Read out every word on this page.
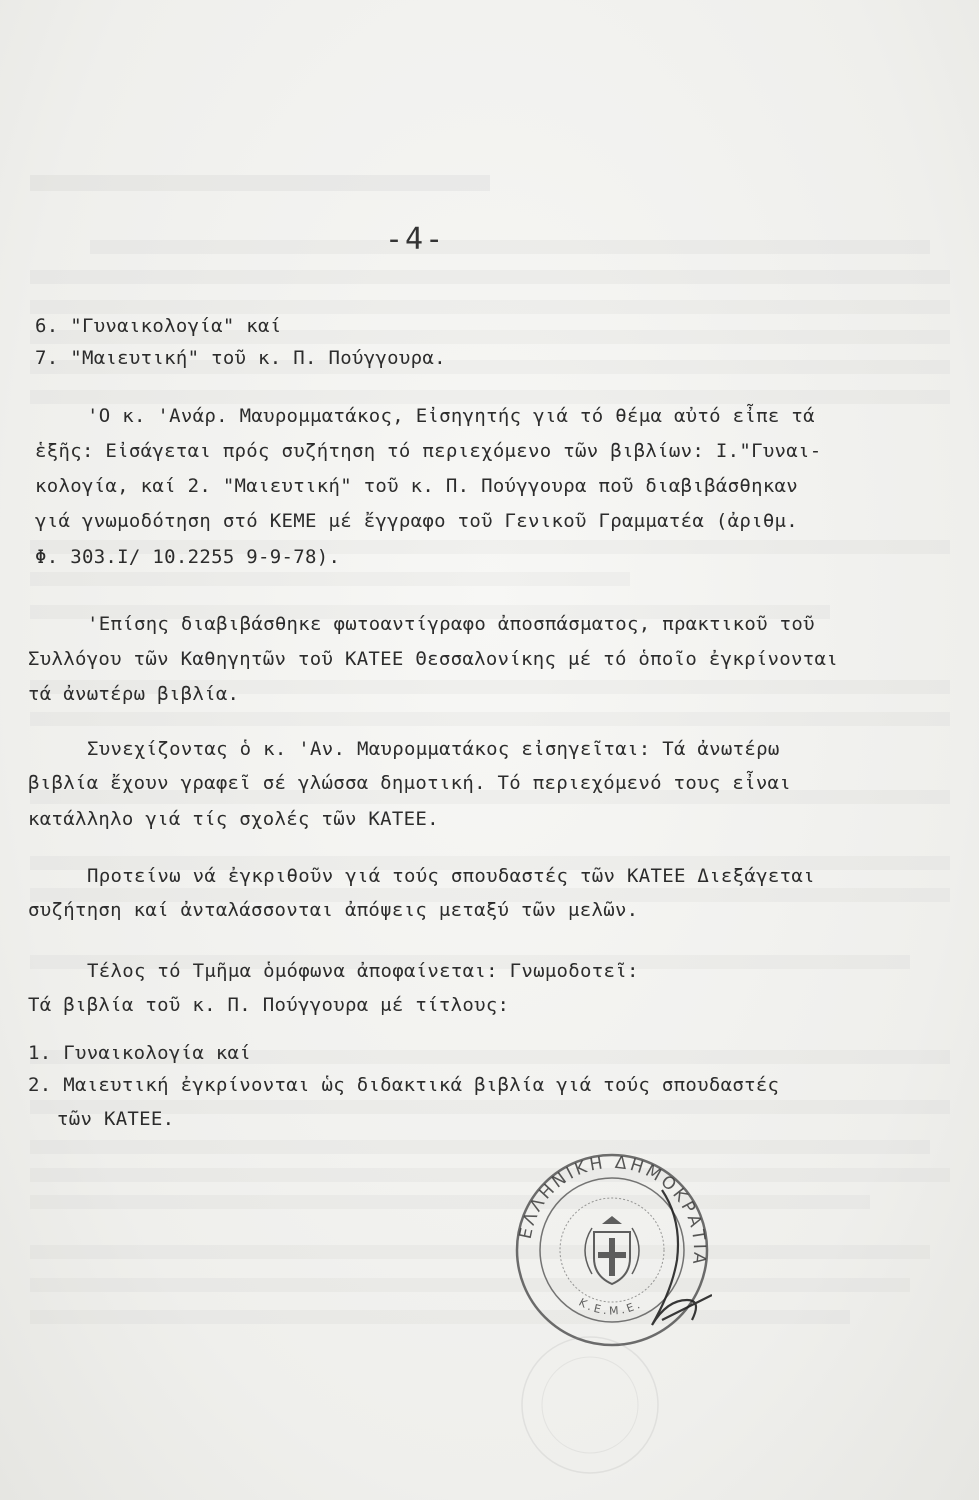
-4-
6. "Γυναικολογία" καί
7. "Μαιευτική" τοῦ κ. Π. Πούγγουρα.
'Ο κ. 'Ανάρ. Μαυρομματάκος, Εἰσηγητής γιά τό θέμα αὐτό εἶπε τά
ἑξῆς: Εἰσάγεται πρός συζήτηση τό περιεχόμενο τῶν βιβλίων: Ι."Γυναι-
κολογία, καί 2. "Μαιευτική" τοῦ κ. Π. Πούγγουρα ποῦ διαβιβάσθηκαν
γιά γνωμοδότηση στό ΚΕΜΕ μέ ἔγγραφο τοῦ Γενικοῦ Γραμματέα (ἀριθμ.
Φ. 303.Ι/ 10.2255 9-9-78).
'Επίσης διαβιβάσθηκε φωτοαντίγραφο ἀποσπάσματος, πρακτικοῦ τοῦ
Συλλόγου τῶν Καθηγητῶν τοῦ ΚΑΤΕΕ Θεσσαλονίκης μέ τό ὁποῖο ἐγκρίνονται
τά ἀνωτέρω βιβλία.
Συνεχίζοντας ὁ κ. 'Αν. Μαυρομματάκος εἰσηγεῖται: Τά ἀνωτέρω
βιβλία ἔχουν γραφεῖ σέ γλώσσα δημοτική. Τό περιεχόμενό τους εἶναι
κατάλληλο γιά τίς σχολές τῶν ΚΑΤΕΕ.
Προτείνω νά ἐγκριθοῦν γιά τούς σπουδαστές τῶν ΚΑΤΕΕ Διεξάγεται
συζήτηση καί ἀνταλάσσονται ἀπόψεις μεταξύ τῶν μελῶν.
Τέλος τό Τμῆμα ὁμόφωνα ἀποφαίνεται: Γνωμοδοτεῖ:
Τά βιβλία τοῦ κ. Π. Πούγγουρα μέ τίτλους:
1. Γυναικολογία καί
2. Μαιευτική ἐγκρίνονται ὡς διδακτικά βιβλία γιά τούς σπουδαστές
τῶν ΚΑΤΕΕ.
ΕΛΛΗΝΙΚΗ ΔΗΜΟΚΡΑΤΙΑ
Κ.Ε.Μ.Ε.
